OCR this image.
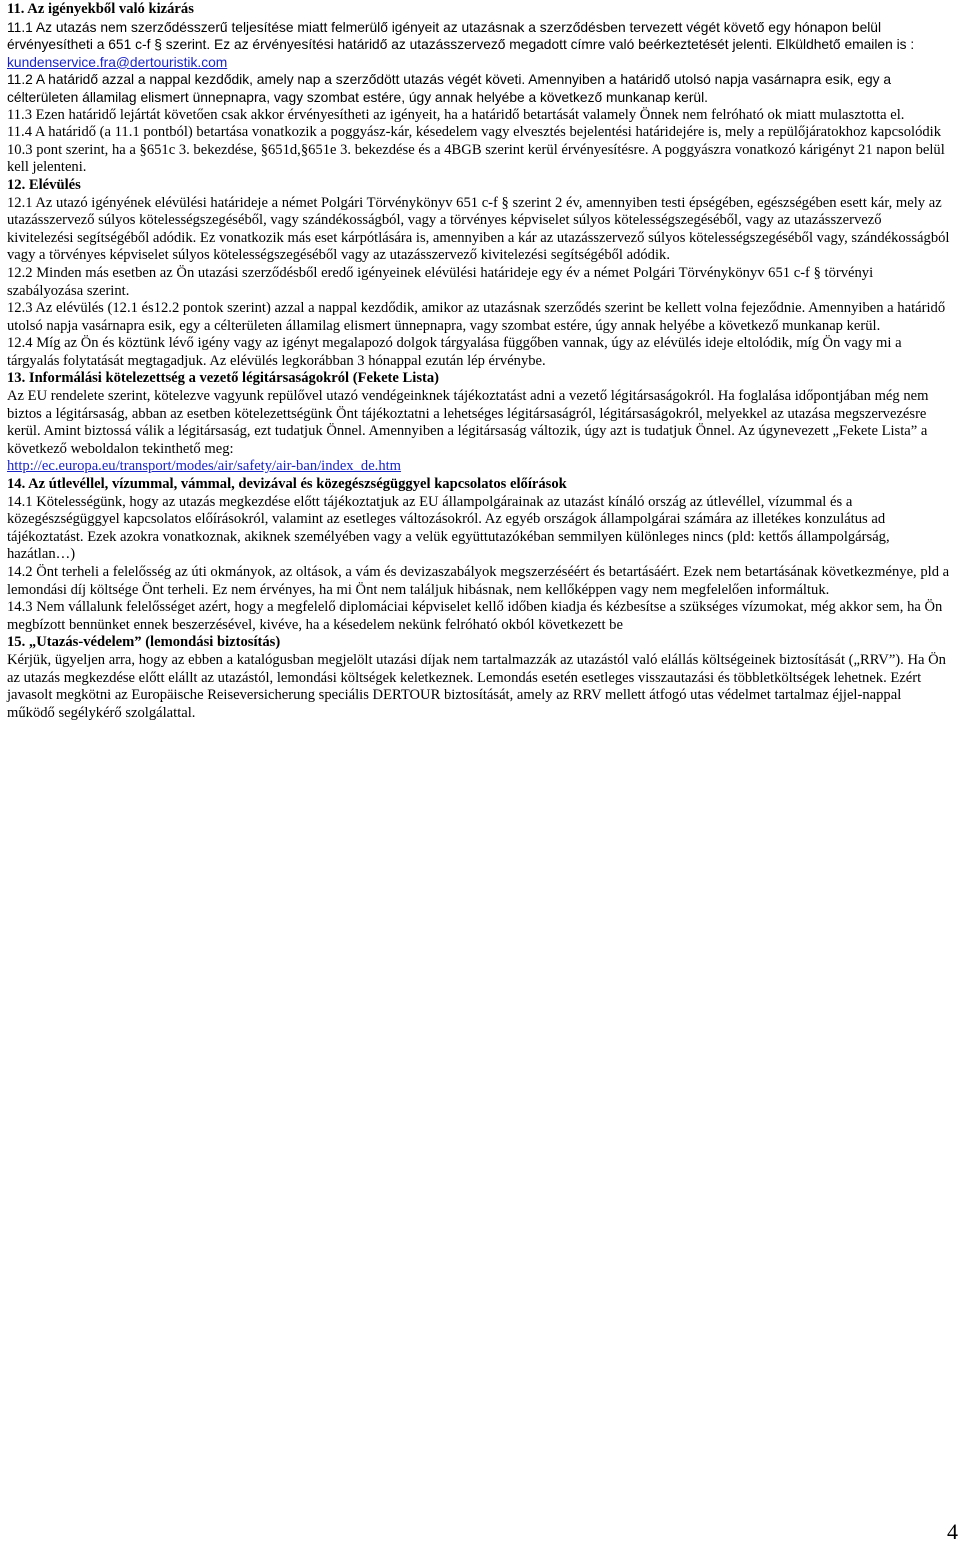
11. Az igényekből való kizárás

11.1 Az utazás nem szerződésszerű teljesítése miatt felmerülő igényeit az utazásnak a szerződésben tervezett végét követő egy hónapon belül érvényesítheti a 651 c-f § szerint. Ez az érvényesítési határidő az utazásszervező megadott címre való beérkeztetését jelenti. Elküldhető emailen is : kundenservice.fra@dertouristik.com

11.2 A határidő azzal a nappal kezdődik, amely nap a szerződött utazás végét követi. Amennyiben a határidő utolsó napja vasárnapra esik, egy a célterületen államilag elismert ünnepnapra, vagy szombat estére, úgy annak helyébe a következő munkanap kerül.

11.3 Ezen határidő lejártát követően csak akkor érvényesítheti az igényeit, ha a határidő betartását valamely Önnek nem felróható ok miatt mulasztotta el.

11.4 A határidő (a 11.1 pontból) betartása vonatkozik a poggyász-kár, késedelem vagy elvesztés bejelentési határidejére is, mely a repülőjáratokhoz kapcsolódik 10.3 pont szerint, ha a §651c 3. bekezdése, §651d,§651e 3. bekezdése és a 4BGB szerint kerül érvényesítésre. A poggyászra vonatkozó kárigényt 21 napon belül kell jelenteni.

12. Elévülés

12.1 Az utazó igényének elévülési határideje a német Polgári Törvénykönyv 651 c-f § szerint 2 év, amennyiben testi épségében, egészségében esett kár, mely az utazásszervező súlyos kötelességszegéséből, vagy szándékosságból, vagy a törvényes képviselet súlyos kötelességszegéséből, vagy az utazásszervező kivitelezési segítségéből adódik. Ez vonatkozik más eset kárpótlására is, amennyiben a kár az utazásszervező súlyos kötelességszegéséből vagy, szándékosságból vagy a törvényes képviselet súlyos kötelességszegéséből vagy az utazásszervező kivitelezési segítségéből adódik.

12.2 Minden más esetben az Ön utazási szerződésből eredő igényeinek elévülési határideje egy év a német Polgári Törvénykönyv 651 c-f § törvényi szabályozása szerint.

12.3 Az elévülés (12.1 és12.2 pontok szerint) azzal a nappal kezdődik, amikor az utazásnak szerződés szerint be kellett volna fejeződnie. Amennyiben a határidő utolsó napja vasárnapra esik, egy a célterületen államilag elismert ünnepnapra, vagy szombat estére, úgy annak helyébe a következő munkanap kerül.

12.4 Míg az Ön és köztünk lévő igény vagy az igényt megalapozó dolgok tárgyalása függőben vannak, úgy az elévülés ideje eltolódik, míg Ön vagy mi a tárgyalás folytatását megtagadjuk. Az elévülés legkorábban 3 hónappal ezután lép érvénybe.

13. Informálási kötelezettség a vezető légitársaságokról (Fekete Lista)

Az EU rendelete szerint, kötelezve vagyunk repülővel utazó vendégeinknek tájékoztatást adni a vezető légitársaságokról. Ha foglalása időpontjában még nem biztos a légitársaság, abban az esetben kötelezettségünk Önt tájékoztatni a lehetséges légitársaságról, légitársaságokról, melyekkel az utazása megszervezésre kerül. Amint biztossá válik a légitársaság, ezt tudatjuk Önnel. Amennyiben a légitársaság változik, úgy azt is tudatjuk Önnel. Az úgynevezett „Fekete Lista” a következő weboldalon tekinthető meg:

http://ec.europa.eu/transport/modes/air/safety/air-ban/index_de.htm

14. Az útlevéllel, vízummal, vámmal, devizával és közegészségüggyel kapcsolatos előírások

14.1 Kötelességünk, hogy az utazás megkezdése előtt tájékoztatjuk az EU állampolgárainak az utazást kínáló ország az útlevéllel, vízummal és a közegészségüggyel kapcsolatos előírásokról, valamint az esetleges változásokról. Az egyéb országok állampolgárai számára az illetékes konzulátus ad tájékoztatást. Ezek azokra vonatkoznak, akiknek személyében vagy a velük együttutazókéban semmilyen különleges nincs (pld: kettős állampolgárság, hazátlan…)

14.2 Önt terheli a felelősség az úti okmányok, az oltások, a vám és devizaszabályok megszerzéséért és betartásáért. Ezek nem betartásának következménye, pld a lemondási díj költsége Önt terheli. Ez nem érvényes, ha mi Önt nem találjuk hibásnak, nem kellőképpen vagy nem megfelelően informáltuk.

14.3 Nem vállalunk felelősséget azért, hogy a megfelelő diplomáciai képviselet kellő időben kiadja és kézbesítse a szükséges vízumokat, még akkor sem, ha Ön megbízott bennünket ennek beszerzésével, kivéve, ha a késedelem nekünk felróható okból következett be

15. „Utazás-védelem” (lemondási biztosítás)

Kérjük, ügyeljen arra, hogy az ebben a katalógusban megjelölt utazási díjak nem tartalmazzák az utazástól való elállás költségeinek biztosítását („RRV”). Ha Ön az utazás megkezdése előtt elállt az utazástól, lemondási költségek keletkeznek. Lemondás esetén esetleges visszautazási és többletköltségek lehetnek. Ezért javasolt megkötni az Europäische Reiseversicherung speciális DERTOUR biztosítását, amely az RRV mellett átfogó utas védelmet tartalmaz éjjel-nappal működő segélykérő szolgálattal.

4
